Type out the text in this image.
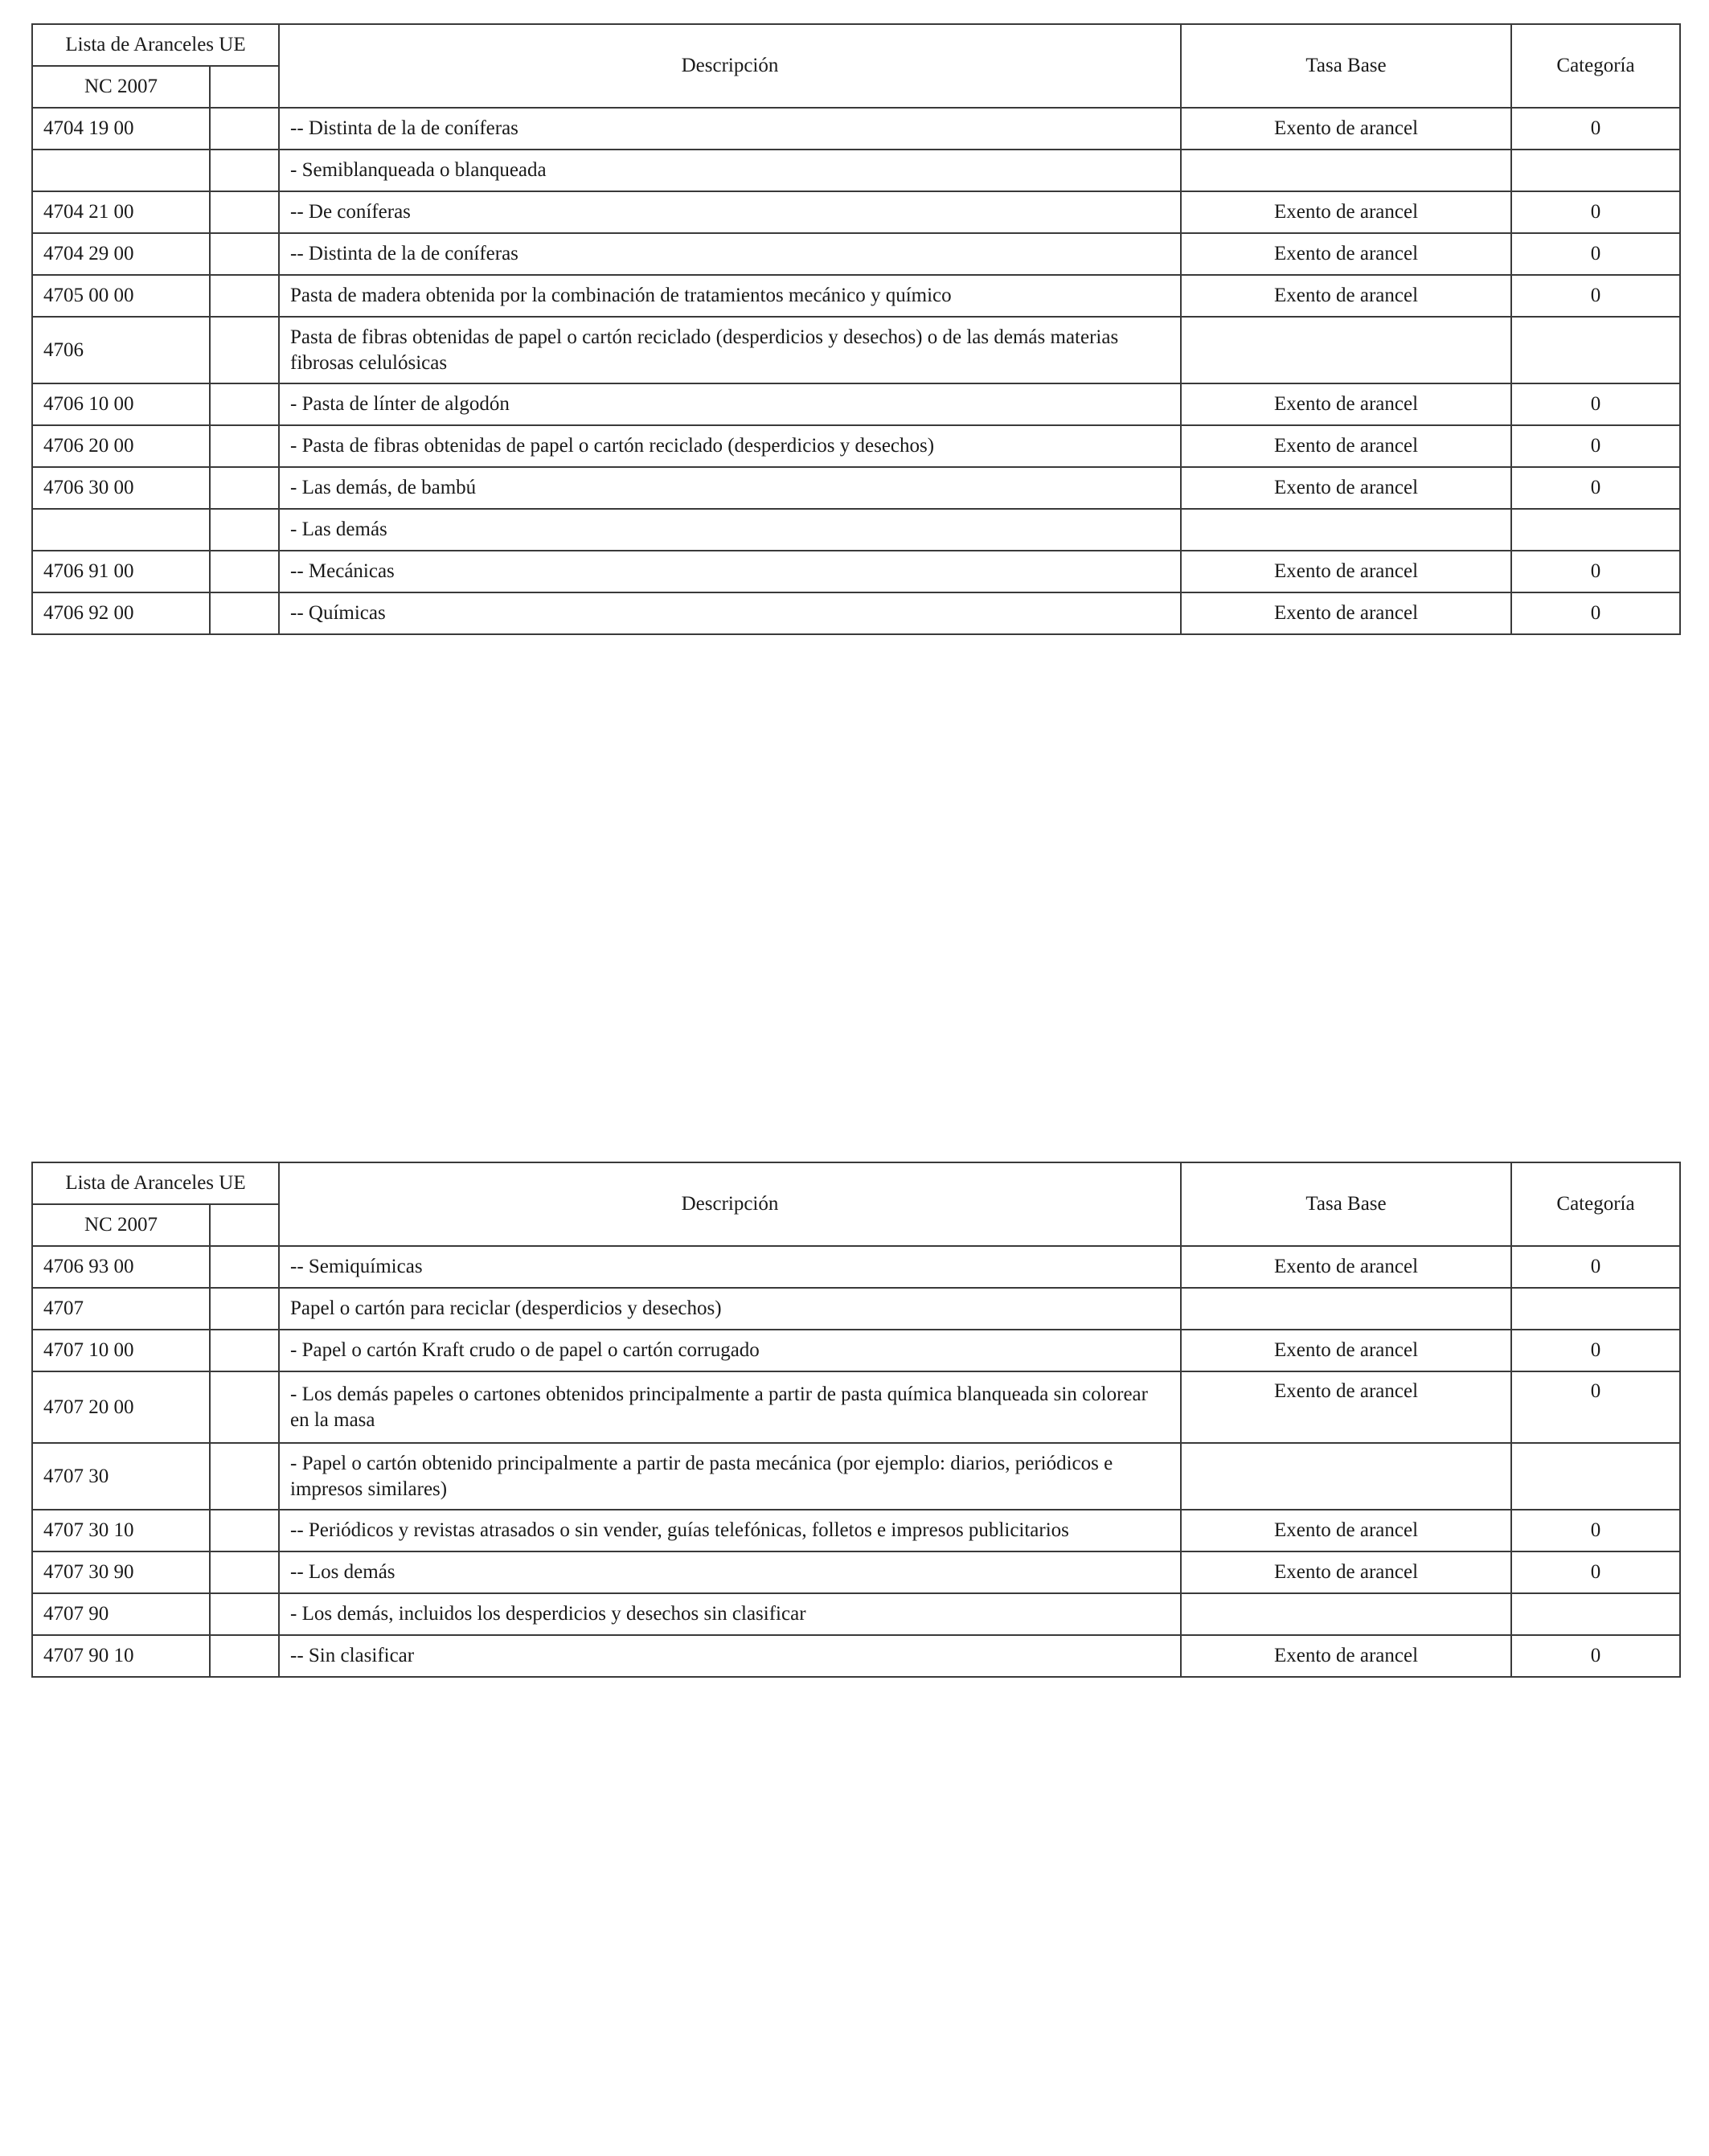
Lista de Aranceles UE		Descripción	Tasa Base	Categoría
NC 2007				
4704 19 00		-- Distinta de la de coníferas	Exento de arancel	0
		- Semiblanqueada o blanqueada		
4704 21 00		-- De coníferas	Exento de arancel	0
4704 29 00		-- Distinta de la de coníferas	Exento de arancel	0
4705 00 00		Pasta de madera obtenida por la combinación de tratamientos mecánico y químico	Exento de arancel	0
4706		Pasta de fibras obtenidas de papel o cartón reciclado (desperdicios y desechos) o de las demás materias fibrosas celulósicas		
4706 10 00		- Pasta de línter de algodón	Exento de arancel	0
4706 20 00		- Pasta de fibras obtenidas de papel o cartón reciclado (desperdicios y desechos)	Exento de arancel	0
4706 30 00		- Las demás, de bambú	Exento de arancel	0
		- Las demás		
4706 91 00		-- Mecánicas	Exento de arancel	0
4706 92 00		-- Químicas	Exento de arancel	0
Lista de Aranceles UE		Descripción	Tasa Base	Categoría
NC 2007				
4706 93 00		-- Semiquímicas	Exento de arancel	0
4707		Papel o cartón para reciclar (desperdicios y desechos)		
4707 10 00		- Papel o cartón Kraft crudo o de papel o cartón corrugado	Exento de arancel	0
4707 20 00		- Los demás papeles o cartones obtenidos principalmente a partir de pasta química blanqueada sin colorear en la masa	Exento de arancel	0
4707 30		- Papel o cartón obtenido principalmente a partir de pasta mecánica (por ejemplo: diarios, periódicos e impresos similares)		
4707 30 10		-- Periódicos y revistas atrasados o sin vender, guías telefónicas, folletos e impresos publicitarios	Exento de arancel	0
4707 30 90		-- Los demás	Exento de arancel	0
4707 90		- Los demás, incluidos los desperdicios y desechos sin clasificar		
4707 90 10		-- Sin clasificar	Exento de arancel	0
